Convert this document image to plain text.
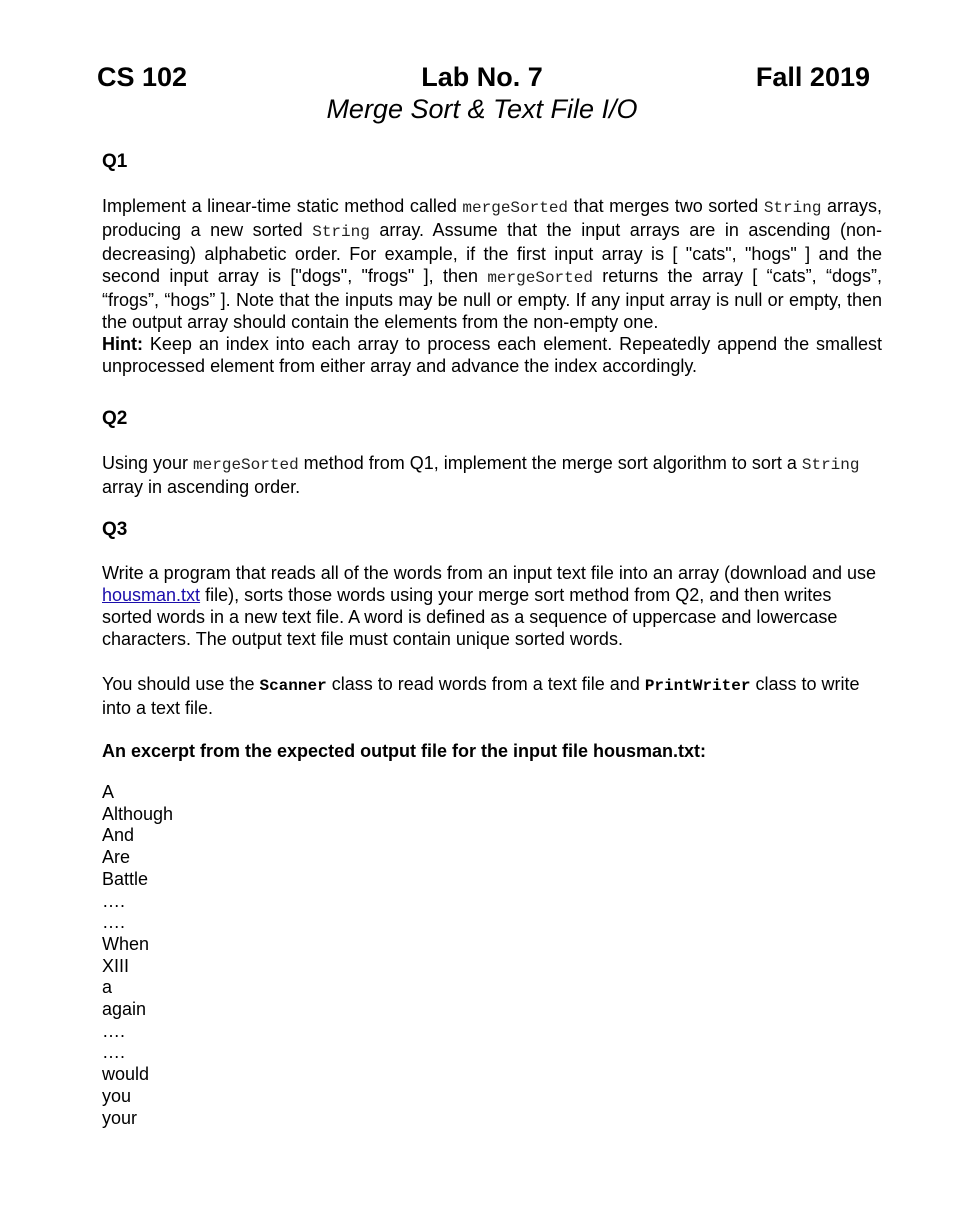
CS 102	Lab No. 7	Fall 2019
Merge Sort & Text File I/O
Q1
Implement a linear-time static method called mergeSorted that merges two sorted String arrays, producing a new sorted String array. Assume that the input arrays are in ascending (non-decreasing) alphabetic order. For example, if the first input array is [ "cats", "hogs" ] and the second input array is ["dogs", "frogs" ], then mergeSorted returns the array [ “cats”, “dogs”, “frogs”, “hogs” ]. Note that the inputs may be null or empty. If any input array is null or empty, then the output array should contain the elements from the non-empty one.
Hint: Keep an index into each array to process each element. Repeatedly append the smallest unprocessed element from either array and advance the index accordingly.
Q2
Using your mergeSorted method from Q1, implement the merge sort algorithm to sort a String array in ascending order.
Q3
Write a program that reads all of the words from an input text file into an array (download and use housman.txt file), sorts those words using your merge sort method from Q2, and then writes sorted words in a new text file. A word is defined as a sequence of uppercase and lowercase characters. The output text file must contain unique sorted words.
You should use the Scanner class to read words from a text file and PrintWriter class to write into a text file.
An excerpt from the expected output file for the input file housman.txt:
A
Although
And
Are
Battle
….
….
When
XIII
a
again
….
….
would
you
your
